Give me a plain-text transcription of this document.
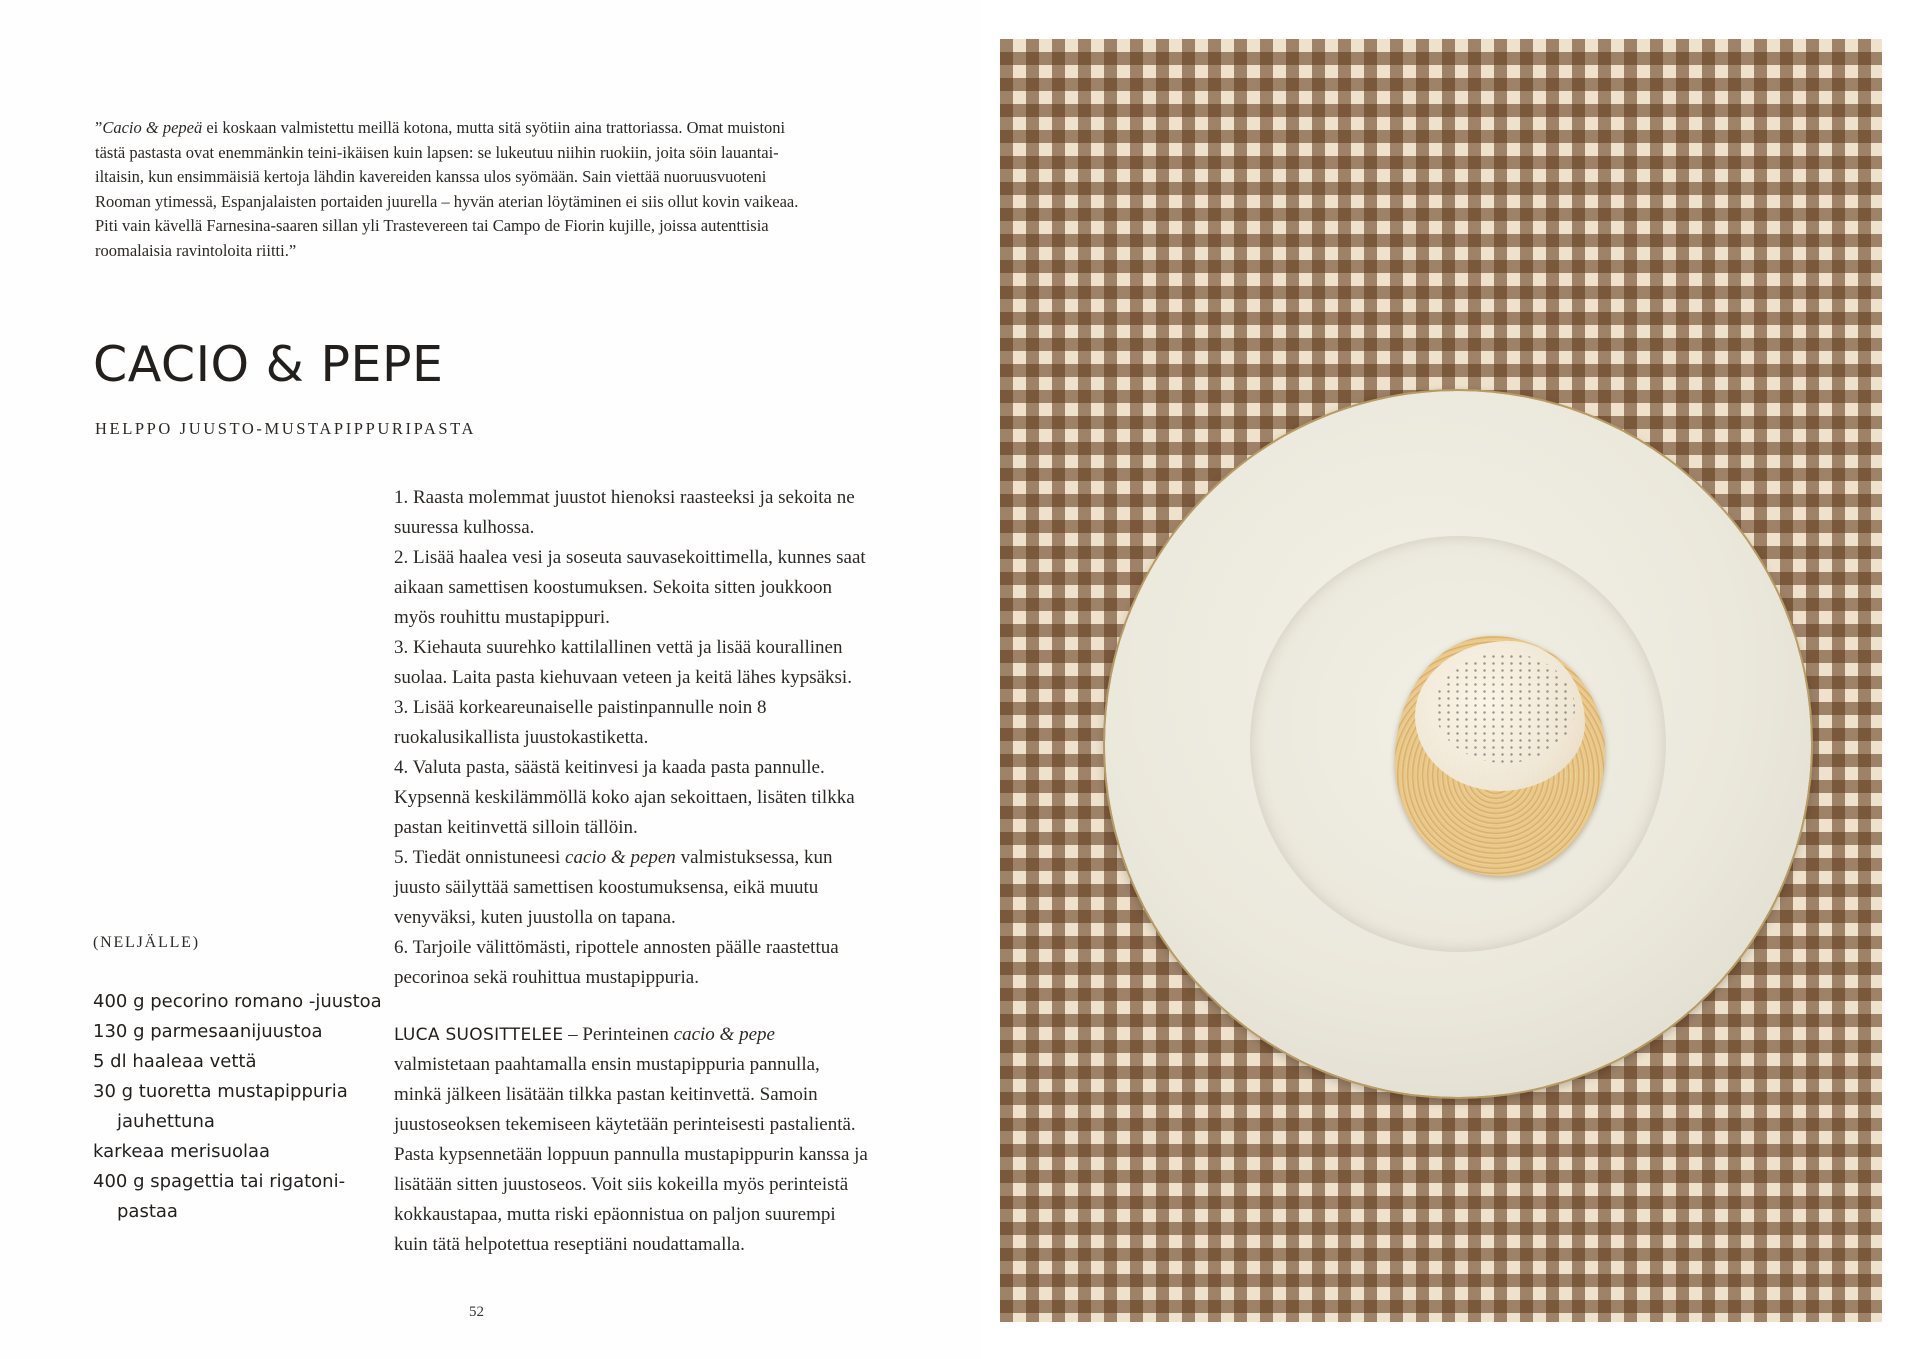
”Cacio & pepeä ei koskaan valmistettu meillä kotona, mutta sitä syötiin aina trattoriassa. Omat muistoni tästä pastasta ovat enemmänkin teini-ikäisen kuin lapsen: se lukeutuu niihin ruokiin, joita söin lauantai-iltaisin, kun ensimmäisiä kertoja lähdin kavereiden kanssa ulos syömään. Sain viettää nuoruusvuoteni Rooman ytimessä, Espanjalaisten portaiden juurella – hyvän aterian löytäminen ei siis ollut kovin vaikeaa. Piti vain kävellä Farnesina-saaren sillan yli Trastevereen tai Campo de Fiorin kujille, joissa autenttisia roomalaisia ravintoloita riitti.”

CACIO & PEPE

HELPPO JUUSTO-MUSTAPIPPURIPASTA

(NELJÄLLE)

400 g pecorino romano -juustoa
130 g parmesaanijuustoa
5 dl haaleaa vettä
30 g tuoretta mustapippuria jauhettuna
karkeaa merisuolaa
400 g spagettia tai rigatoni-pastaa

1. Raasta molemmat juustot hienoksi raasteeksi ja sekoita ne suuressa kulhossa.

2. Lisää haalea vesi ja soseuta sauvasekoittimella, kunnes saat aikaan samettisen koostumuksen. Sekoita sitten joukkoon myös rouhittu mustapippuri.

3. Kiehauta suurehko kattilallinen vettä ja lisää kourallinen suolaa. Laita pasta kiehuvaan veteen ja keitä lähes kypsäksi.

3. Lisää korkeareunaiselle paistinpannulle noin 8 ruokalusikallista juustokastiketta.

4. Valuta pasta, säästä keitinvesi ja kaada pasta pannulle. Kypsennä keskilämmöllä koko ajan sekoittaen, lisäten tilkka pastan keitinvettä silloin tällöin.

5. Tiedät onnistuneesi cacio & pepen valmistuksessa, kun juusto säilyttää samettisen koostumuksensa, eikä muutu venyväksi, kuten juustolla on tapana.

6. Tarjoile välittömästi, ripottele annosten päälle raastettua pecorinoa sekä rouhittua mustapippuria.

LUCA SUOSITTELEE – Perinteinen cacio & pepe valmistetaan paahtamalla ensin mustapippuria pannulla, minkä jälkeen lisätään tilkka pastan keitinvettä. Samoin juustoseoksen tekemiseen käytetään perinteisesti pastalientä. Pasta kypsennetään loppuun pannulla mustapippurin kanssa ja lisätään sitten juustoseos. Voit siis kokeilla myös perinteistä kokkaustapaa, mutta riski epäonnistua on paljon suurempi kuin tätä helpotettua reseptiäni noudattamalla.

52
